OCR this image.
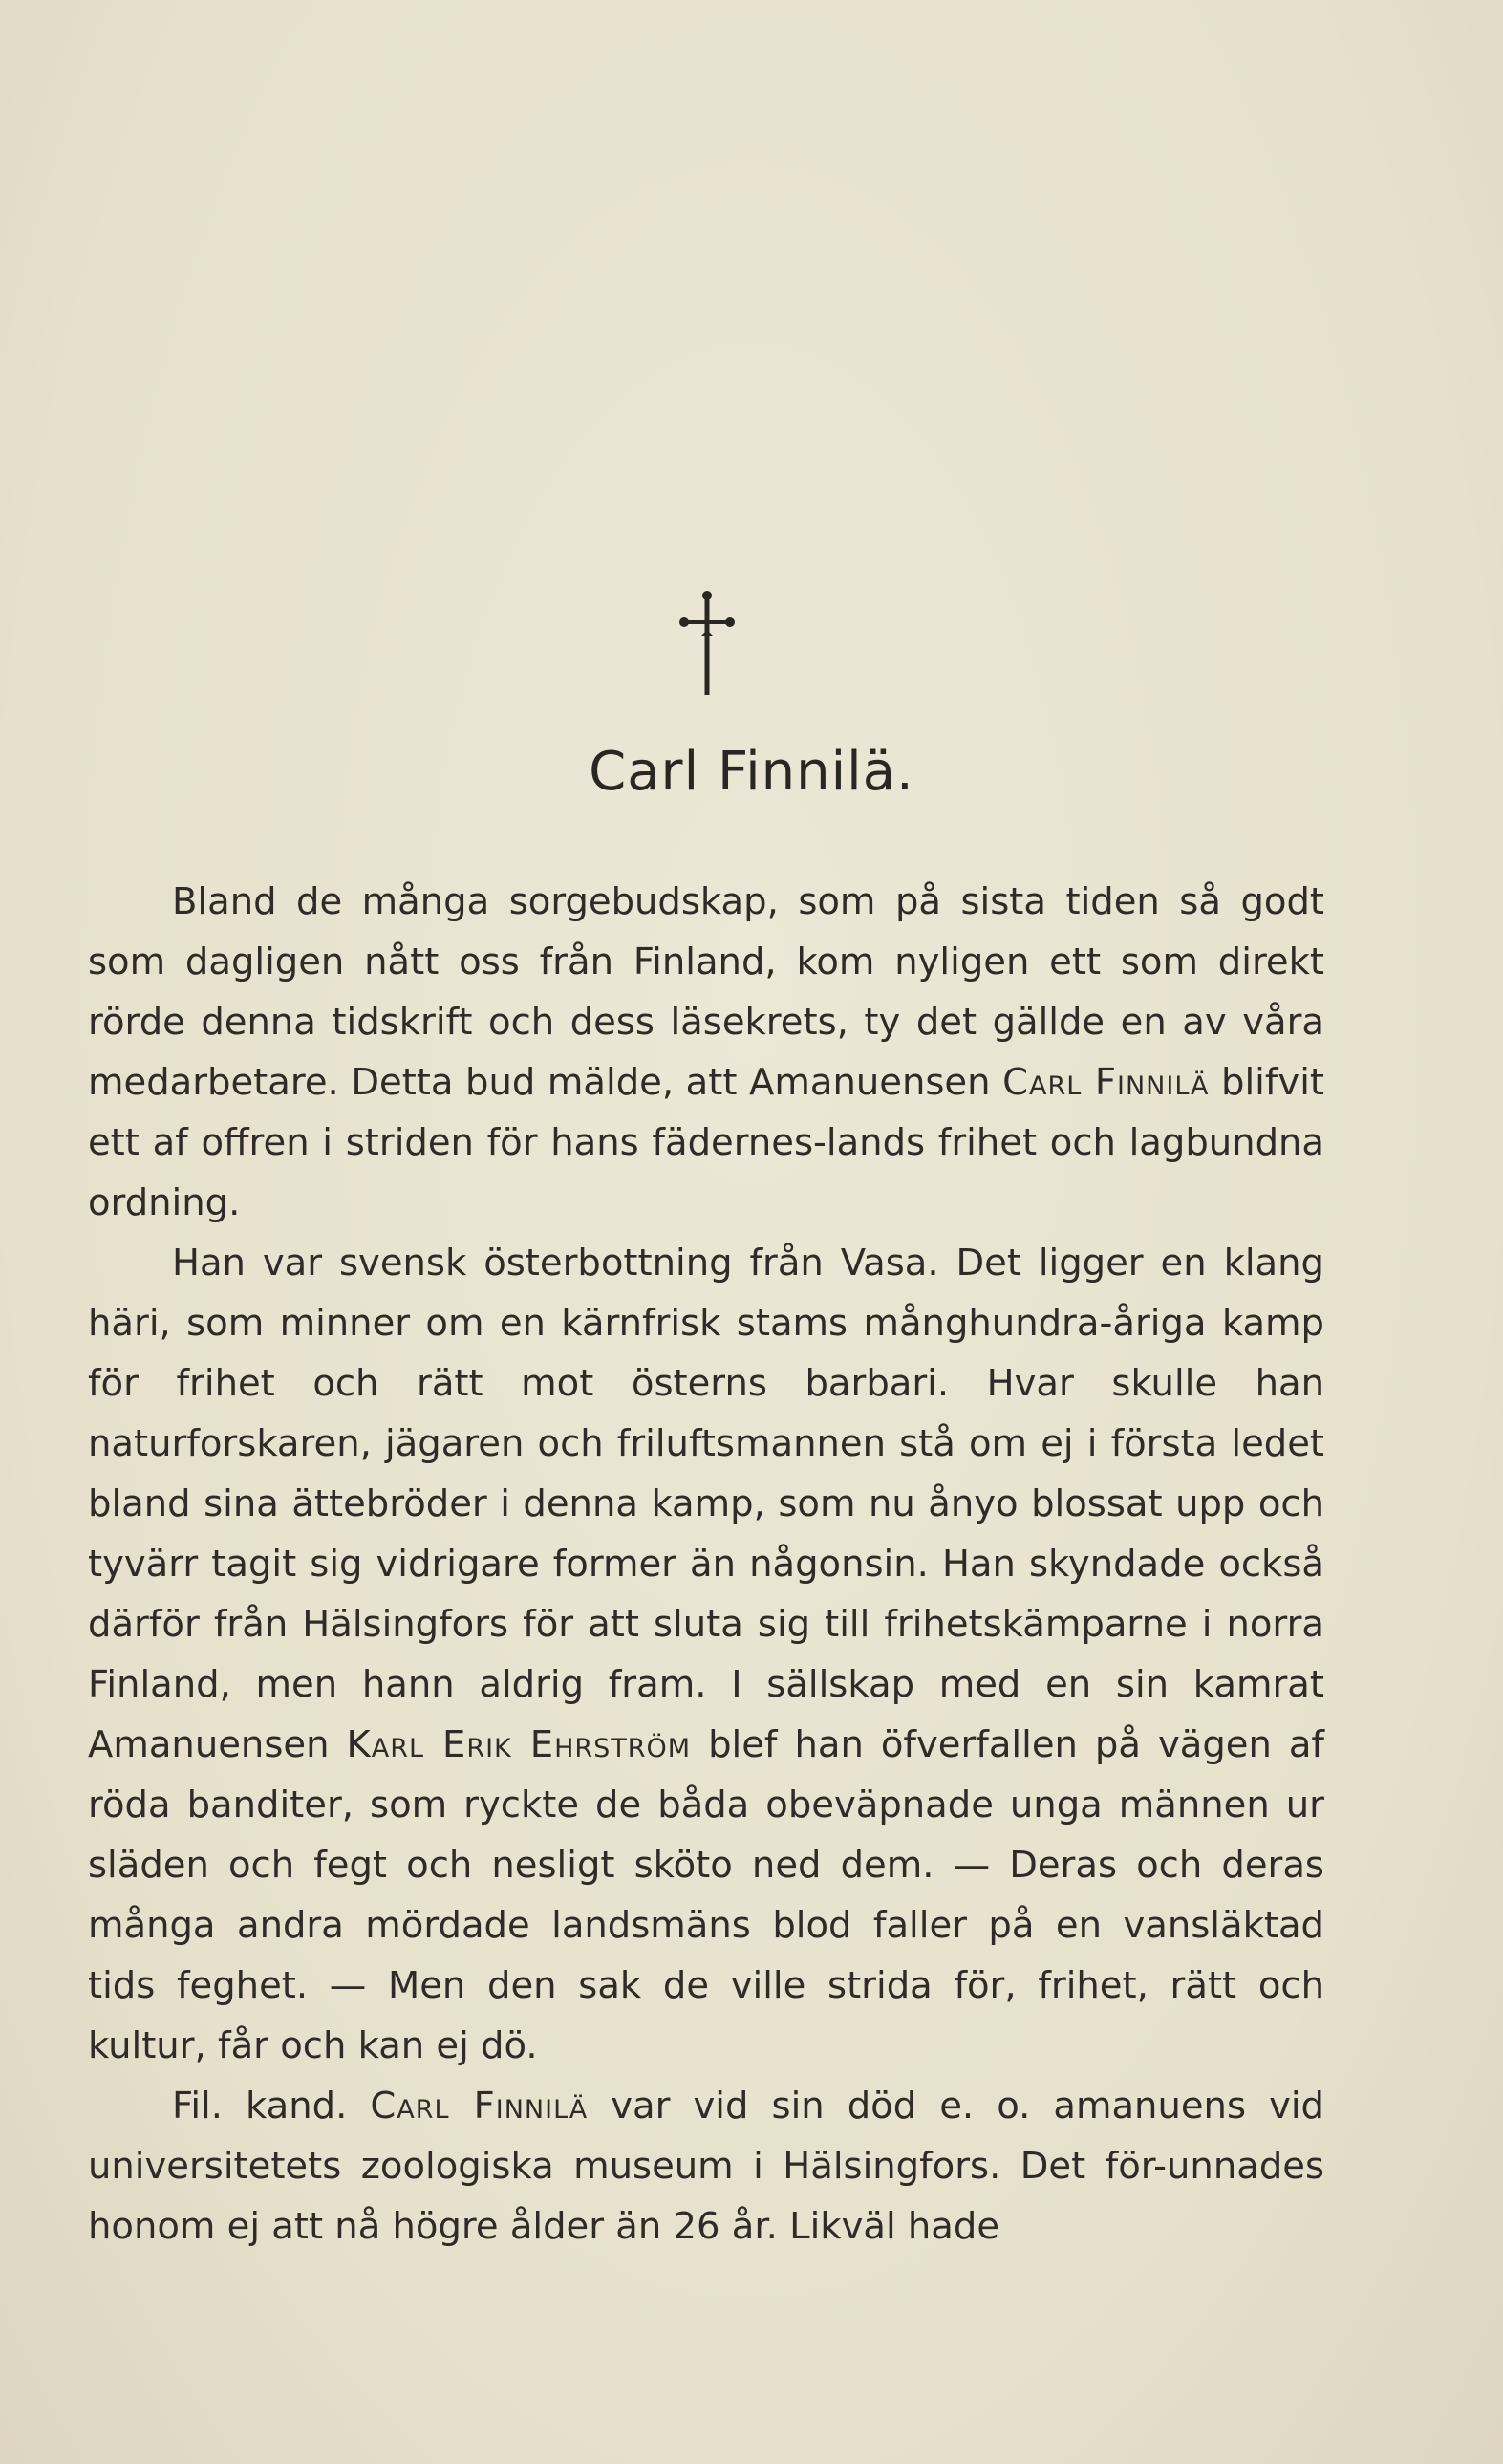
Carl Finnilä.

Bland de många sorgebudskap, som på sista tiden så godt som dagligen nått oss från Finland, kom nyligen ett som direkt rörde denna tidskrift och dess läsekrets, ty det gällde en av våra medarbetare. Detta bud mälde, att Amanuensen Carl Finnilä blifvit ett af offren i striden för hans fädernes-lands frihet och lagbundna ordning.

Han var svensk österbottning från Vasa. Det ligger en klang häri, som minner om en kärnfrisk stams månghundra-åriga kamp för frihet och rätt mot österns barbari. Hvar skulle han naturforskaren, jägaren och friluftsmannen stå om ej i första ledet bland sina ättebröder i denna kamp, som nu ånyo blossat upp och tyvärr tagit sig vidrigare former än någonsin. Han skyndade också därför från Hälsingfors för att sluta sig till frihetskämparne i norra Finland, men hann aldrig fram. I sällskap med en sin kamrat Amanuensen Karl Erik Ehrström blef han öfverfallen på vägen af röda banditer, som ryckte de båda obeväpnade unga männen ur släden och fegt och nesligt sköto ned dem. — Deras och deras många andra mördade landsmäns blod faller på en vansläktad tids feghet. — Men den sak de ville strida för, frihet, rätt och kultur, får och kan ej dö.

Fil. kand. Carl Finnilä var vid sin död e. o. amanuens vid universitetets zoologiska museum i Hälsingfors. Det för-unnades honom ej att nå högre ålder än 26 år. Likväl hade
